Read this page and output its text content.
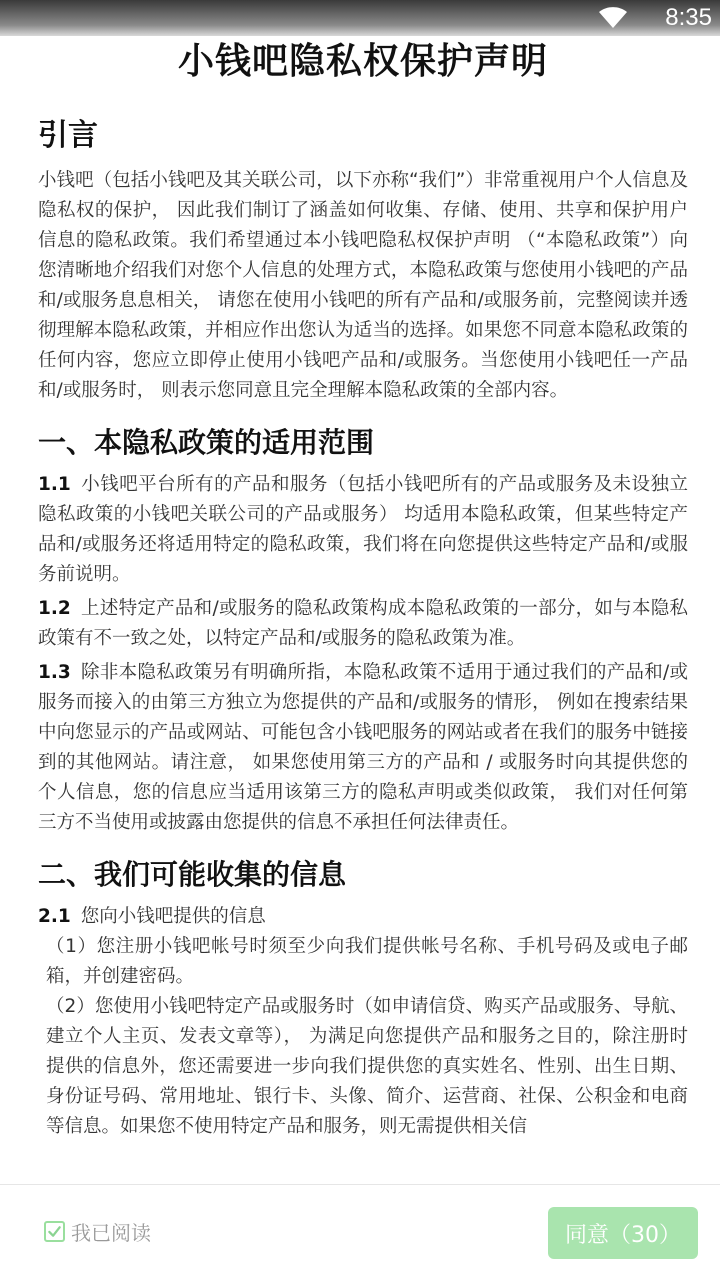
8:35
小钱吧隐私权保护声明
引言

小钱吧（包括小钱吧及其关联公司，以下亦称“我们”）非常重视用户个人信息及隐私权的保护， 因此我们制订了涵盖如何收集、存储、使用、共享和保护用户信息的隐私政策。我们希望通过本小钱吧隐私权保护声明 （“本隐私政策”）向您清晰地介绍我们对您个人信息的处理方式，本隐私政策与您使用小钱吧的产品和/或服务息息相关， 请您在使用小钱吧的所有产品和/或服务前，完整阅读并透彻理解本隐私政策，并相应作出您认为适当的选择。如果您不同意本隐私政策的任何内容，您应立即停止使用小钱吧产品和/或服务。当您使用小钱吧任一产品和/或服务时， 则表示您同意且完全理解本隐私政策的全部内容。

一、本隐私政策的适用范围

1.1 小钱吧平台所有的产品和服务（包括小钱吧所有的产品或服务及未设独立隐私政策的小钱吧关联公司的产品或服务） 均适用本隐私政策，但某些特定产品和/或服务还将适用特定的隐私政策，我们将在向您提供这些特定产品和/或服务前说明。

1.2 上述特定产品和/或服务的隐私政策构成本隐私政策的一部分，如与本隐私政策有不一致之处，以特定产品和/或服务的隐私政策为准。

1.3 除非本隐私政策另有明确所指，本隐私政策不适用于通过我们的产品和/或服务而接入的由第三方独立为您提供的产品和/或服务的情形， 例如在搜索结果中向您显示的产品或网站、可能包含小钱吧服务的网站或者在我们的服务中链接到的其他网站。请注意， 如果您使用第三方的产品和 / 或服务时向其提供您的个人信息，您的信息应当适用该第三方的隐私声明或类似政策， 我们对任何第三方不当使用或披露由您提供的信息不承担任何法律责任。

二、我们可能收集的信息

2.1 您向小钱吧提供的信息

（1）您注册小钱吧帐号时须至少向我们提供帐号名称、手机号码及或电子邮箱，并创建密码。

（2）您使用小钱吧特定产品或服务时（如申请信贷、购买产品或服务、导航、建立个人主页、发表文章等）， 为满足向您提供产品和服务之目的，除注册时提供的信息外，您还需要进一步向我们提供您的真实姓名、性别、出生日期、身份证号码、常用地址、银行卡、头像、简介、运营商、社保、公积金和电商等信息。如果您不使用特定产品和服务，则无需提供相关信

我已阅读	同意（30）
